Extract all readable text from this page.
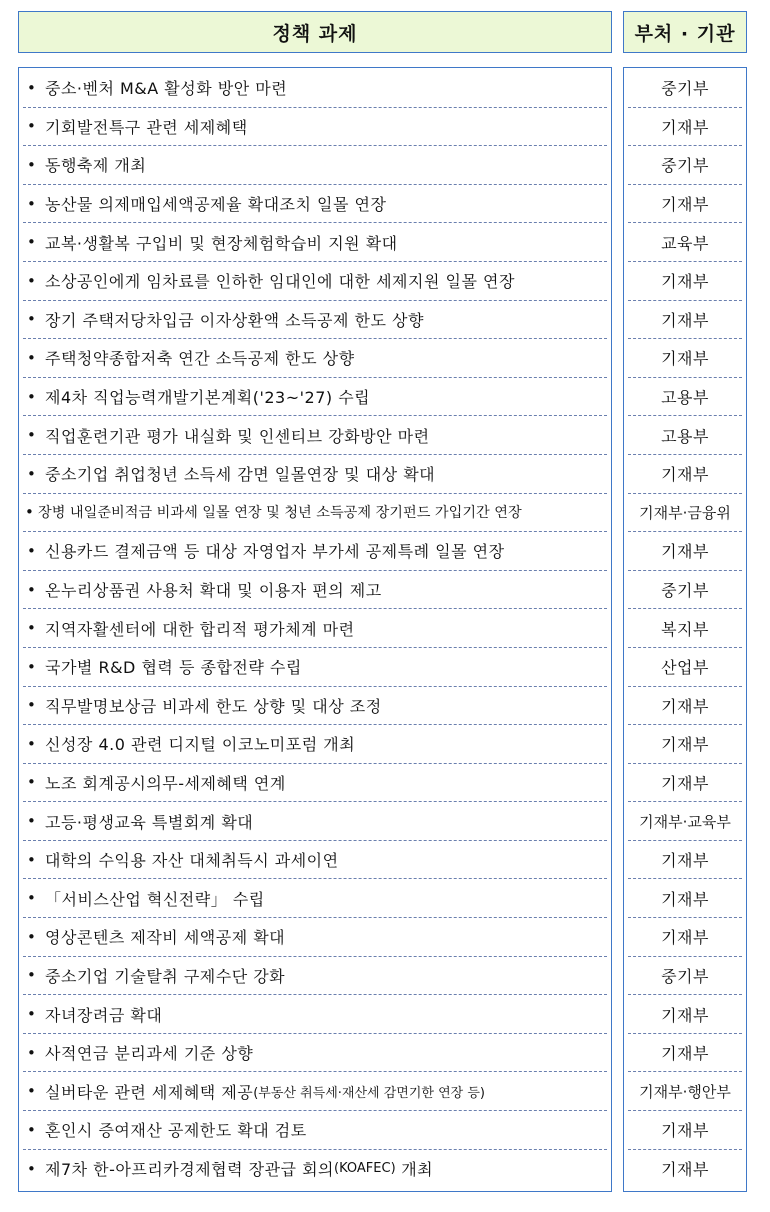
정책 과제	부처 · 기관
• 중소·벤처 M&A 활성화 방안 마련
• 기회발전특구 관련 세제혜택
• 동행축제 개최
• 농산물 의제매입세액공제율 확대조치 일몰 연장
• 교복·생활복 구입비 및 현장체험학습비 지원 확대
• 소상공인에게 임차료를 인하한 임대인에 대한 세제지원 일몰 연장
• 장기 주택저당차입금 이자상환액 소득공제 한도 상향
• 주택청약종합저축 연간 소득공제 한도 상향
• 제4차 직업능력개발기본계획('23~'27) 수립
• 직업훈련기관 평가 내실화 및 인센티브 강화방안 마련
• 중소기업 취업청년 소득세 감면 일몰연장 및 대상 확대
• 장병 내일준비적금 비과세 일몰 연장 및 청년 소득공제 장기펀드 가입기간 연장
• 신용카드 결제금액 등 대상 자영업자 부가세 공제특례 일몰 연장
• 온누리상품권 사용처 확대 및 이용자 편의 제고
• 지역자활센터에 대한 합리적 평가체계 마련
• 국가별 R&D 협력 등 종합전략 수립
• 직무발명보상금 비과세 한도 상향 및 대상 조정
• 신성장 4.0 관련 디지털 이코노미포럼 개최
• 노조 회계공시의무-세제혜택 연계
• 고등·평생교육 특별회계 확대
• 대학의 수익용 자산 대체취득시 과세이연
• 「서비스산업 혁신전략」 수립
• 영상콘텐츠 제작비 세액공제 확대
• 중소기업 기술탈취 구제수단 강화
• 자녀장려금 확대
• 사적연금 분리과세 기준 상향
• 실버타운 관련 세제혜택 제공 (부동산 취득세·재산세 감면기한 연장 등)
• 혼인시 증여재산 공제한도 확대 검토
• 제7차 한-아프리카경제협력 장관급 회의 (KOAFEC) 개최
중기부
기재부
중기부
기재부
교육부
기재부
기재부
기재부
고용부
고용부
기재부
기재부·금융위
기재부
중기부
복지부
산업부
기재부
기재부
기재부
기재부·교육부
기재부
기재부
기재부
중기부
기재부
기재부
기재부·행안부
기재부
기재부
